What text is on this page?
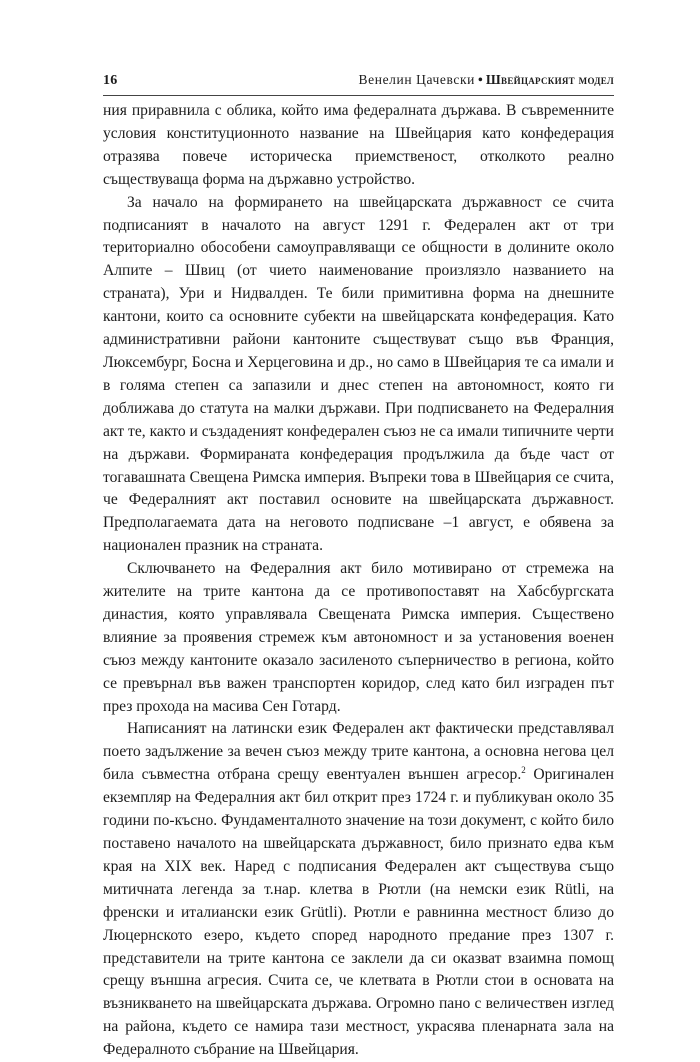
16	Венелин Цачевски • Швейцарският модел

ния приравнила с облика, който има федералната държава. В съвременните условия конституционното название на Швейцария като конфедерация отразява повече историческа приемственост, отколкото реално съществуваща форма на държавно устройство.

За начало на формирането на швейцарската държавност се счита подписаният в началото на август 1291 г. Федерален акт от три териториално обособени самоуправляващи се общности в долините около Алпите – Швиц (от чието наименование произлязло названието на страната), Ури и Нидвалден. Те били примитивна форма на днешните кантони, които са основните субекти на швейцарската конфедерация. Като административни райони кантоните съществуват също във Франция, Люксембург, Босна и Херцеговина и др., но само в Швейцария те са имали и в голяма степен са запазили и днес степен на автономност, която ги доближава до статута на малки държави. При подписването на Федералния акт те, както и създаденият конфедерален съюз не са имали типичните черти на държави. Формираната конфедерация продължила да бъде част от тогавашната Свещена Римска империя. Въпреки това в Швейцария се счита, че Федералният акт поставил основите на швейцарската държавност. Предполагаемата дата на неговото подписване –1 август, е обявена за национален празник на страната.

Сключването на Федералния акт било мотивирано от стремежа на жителите на трите кантона да се противопоставят на Хабсбургската династия, която управлявала Свещената Римска империя. Съществено влияние за проявения стремеж към автономност и за установения военен съюз между кантоните оказало засиленото съперничество в региона, който се превърнал във важен транспортен коридор, след като бил изграден път през прохода на масива Сен Готард.

Написаният на латински език Федерален акт фактически представлявал поето задължение за вечен съюз между трите кантона, а основна негова цел била съвместна отбрана срещу евентуален външен агресор.$^2$ Оригинален екземпляр на Федералния акт бил открит през 1724 г. и публикуван около 35 години по-късно. Фундаменталното значение на този документ, с който било поставено началото на швейцарската държавност, било признато едва към края на XIX век. Наред с подписания Федерален акт съществува също митичната легенда за т.нар. клетва в Рютли (на немски език Rütli, на френски и италиански език Grütli). Рютли е равнинна местност близо до Люцернското езеро, където според народното предание през 1307 г. представители на трите кантона се заклели да си оказват взаимна помощ срещу външна агресия. Счита се, че клетвата в Рютли стои в основата на възникването на швейцарската държава. Огромно пано с величествен изглед на района, където се намира тази местност, украсява пленарната зала на Федералното събрание на Швейцария.
